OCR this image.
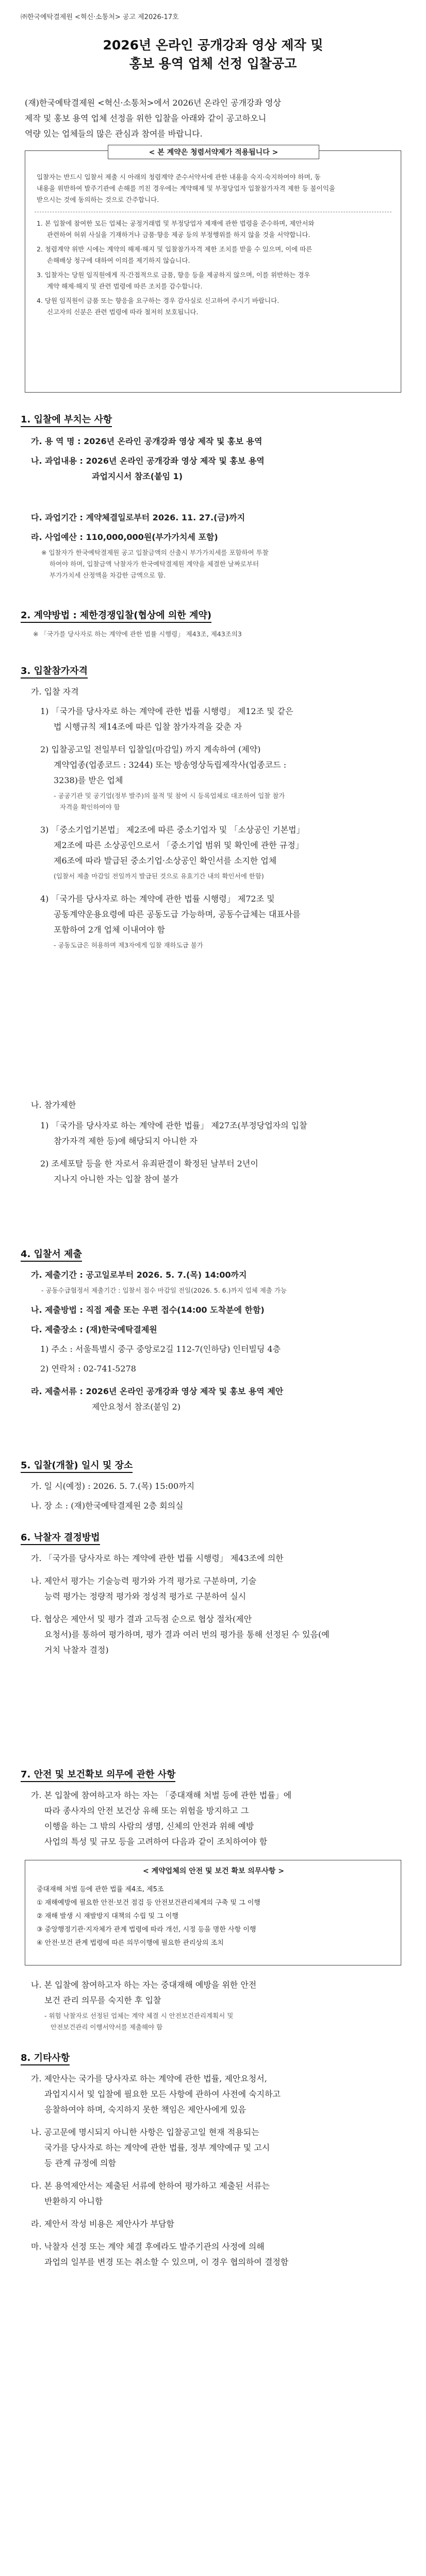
㈜한국예탁결제원 <혁신·소통처> 공고 제2026-17호
2026년 온라인 공개강좌 영상 제작 및
홍보 용역 업체 선정 입찰공고
(재)한국예탁결제원 <혁신·소통처>에서 2026년 온라인 공개강좌 영상
제작 및 홍보 용역 업체 선정을 위한 입찰을 아래와 같이 공고하오니
역량 있는 업체들의 많은 관심과 참여를 바랍니다.
< 본 계약은 청렴서약제가 적용됩니다 >
입찰자는 반드시 입찰서 제출 시 아래의 청렴계약 준수서약서에 관한 내용을 숙지·숙지하여야 하며, 동
내용을 위반하여 발주기관에 손해를 끼친 경우에는 계약해제 및 부정당업자 입찰참가자격 제한 등 불이익을
받으시는 것에 동의하는 것으로 간주합니다.
1. 본 입찰에 참여한 모든 업체는 공정거래법 및 부정당업자 제재에 관한 법령을 준수하며, 제안서와
관련하여 허위 사실을 기재하거나 금품·향응 제공 등의 부정행위를 하지 않을 것을 서약합니다.
2. 청렴계약 위반 시에는 계약의 해제·해지 및 입찰참가자격 제한 조치를 받을 수 있으며, 이에 따른
손해배상 청구에 대하여 이의를 제기하지 않습니다.
3. 입찰자는 당원 임직원에게 직·간접적으로 금품, 향응 등을 제공하지 않으며, 이를 위반하는 경우
계약 해제·해지 및 관련 법령에 따른 조치를 감수합니다.
4. 당원 임직원이 금품 또는 향응을 요구하는 경우 감사실로 신고하여 주시기 바랍니다.
신고자의 신분은 관련 법령에 따라 철저히 보호됩니다.
1. 입찰에 부치는 사항
가. 용 역 명 : 2026년 온라인 공개강좌 영상 제작 및 홍보 용역
나. 과업내용 : 2026년 온라인 공개강좌 영상 제작 및 홍보 용역
과업지시서 참조(붙임 1)
다. 과업기간 : 계약체결일로부터 2026. 11. 27.(금)까지
라. 사업예산 : 110,000,000원(부가가치세 포함)
※ 입찰자가 한국예탁결제원 공고 입찰금액의 산출시 부가가치세를 포함하여 투찰
하여야 하며, 입찰금액 낙찰자가 한국예탁결제원 계약을 체결한 날짜로부터
부가가치세 산정액을 차감한 금액으로 함.
2. 계약방법 : 제한경쟁입찰(협상에 의한 계약)
※ 「국가를 당사자로 하는 계약에 관한 법률 시행령」 제43조, 제43조의3
3. 입찰참가자격
가. 입찰 자격
1) 「국가를 당사자로 하는 계약에 관한 법률 시행령」 제12조 및 같은
법 시행규칙 제14조에 따른 입찰 참가자격을 갖춘 자
2) 입찰공고일 전일부터 입찰일(마감일) 까지 계속하여 (제약)
계약업종(업종코드 : 3244) 또는 방송영상독립제작사(업종코드 :
3238)를 받은 업체
- 공공기관 및 공기업(정부 발주)의 물적 및 참여 시 등록업체로 대조하여 입찰 참가
자격을 확인하여야 함
3) 「중소기업기본법」 제2조에 따른 중소기업자 및 「소상공인 기본법」
제2조에 따른 소상공인으로서 「중소기업 범위 및 확인에 관한 규정」
제6조에 따라 발급된 중소기업·소상공인 확인서를 소지한 업체
(입찰서 제출 마감일 전일까지 발급된 것으로 유효기간 내의 확인서에 한함)
4) 「국가를 당사자로 하는 계약에 관한 법률 시행령」 제72조 및
공동계약운용요령에 따른 공동도급 가능하며, 공동수급체는 대표사를
포함하여 2개 업체 이내여야 함
- 공동도급은 허용하며 제3자에게 입찰 재하도급 불가
나. 참가제한
1) 「국가를 당사자로 하는 계약에 관한 법률」 제27조(부정당업자의 입찰
참가자격 제한 등)에 해당되지 아니한 자
2) 조세포탈 등을 한 자로서 유죄판결이 확정된 날부터 2년이
지나지 아니한 자는 입찰 참여 불가
4. 입찰서 제출
가. 제출기간 : 공고일로부터 2026. 5. 7.(목) 14:00까지
- 공동수급협정서 제출기간 : 입찰서 접수 마감일 전일(2026. 5. 6.)까지 업체 제출 가능
나. 제출방법 : 직접 제출 또는 우편 접수(14:00 도착분에 한함)
다. 제출장소 : (재)한국예탁결제원
1) 주소 : 서울특별시 중구 중앙로2길 112-7(인하당) 인터빌딩 4층
2) 연락처 : 02-741-5278
라. 제출서류 : 2026년 온라인 공개강좌 영상 제작 및 홍보 용역 제안
제안요청서 참조(붙임 2)
5. 입찰(개찰) 일시 및 장소
가. 일 시(예정) : 2026. 5. 7.(목) 15:00까지
나. 장 소 : (재)한국예탁결제원 2층 회의실
6. 낙찰자 결정방법
가. 「국가를 당사자로 하는 계약에 관한 법률 시행령」 제43조에 의한
나. 제안서 평가는 기술능력 평가와 가격 평가로 구분하며, 기술
능력 평가는 정량적 평가와 정성적 평가로 구분하여 실시
다. 협상은 제안서 및 평가 결과 고득점 순으로 협상 절차(제안
요청서)를 통하여 평가하며, 평가 결과 여러 번의 평가를 통해 선정된 수 있음(예
거치 낙찰자 결정)
7. 안전 및 보건확보 의무에 관한 사항
가. 본 입찰에 참여하고자 하는 자는 「중대재해 처벌 등에 관한 법률」에
따라 종사자의 안전 보건상 유해 또는 위험을 방지하고 그
이행을 하는 그 밖의 사람의 생명, 신체의 안전과 위해 예방
사업의 특성 및 규모 등을 고려하여 다음과 같이 조치하여야 함
< 계약업체의 안전 및 보건 확보 의무사항 >
중대재해 처벌 등에 관한 법률 제4조, 제5조
① 재해예방에 필요한 안전·보건 점검 등 안전보건관리체계의 구축 및 그 이행
② 재해 발생 시 재발방지 대책의 수립 및 그 이행
③ 중앙행정기관·지자체가 관계 법령에 따라 개선, 시정 등을 명한 사항 이행
④ 안전·보건 관계 법령에 따른 의무이행에 필요한 관리상의 조치
나. 본 입찰에 참여하고자 하는 자는 중대재해 예방을 위한 안전
보건 관리 의무를 숙지한 후 입찰
- 위험 낙찰자로 선정된 업체는 계약 체결 시 안전보건관리계획서 및
안전보건관리 이행서약서를 제출해야 함
8. 기타사항
가. 제안사는 국가를 당사자로 하는 계약에 관한 법률, 제안요청서,
과업지시서 및 입찰에 필요한 모든 사항에 관하여 사전에 숙지하고
응찰하여야 하며, 숙지하지 못한 책임은 제안사에게 있음
나. 공고문에 명시되지 아니한 사항은 입찰공고일 현재 적용되는
국가를 당사자로 하는 계약에 관한 법률, 정부 계약예규 및 고시
등 관계 규정에 의함
다. 본 용역제안서는 제출된 서류에 한하여 평가하고 제출된 서류는
반환하지 아니함
라. 제안서 작성 비용은 제안사가 부담함
마. 낙찰자 선정 또는 계약 체결 후에라도 발주기관의 사정에 의해
과업의 일부를 변경 또는 취소할 수 있으며, 이 경우 협의하여 결정함
